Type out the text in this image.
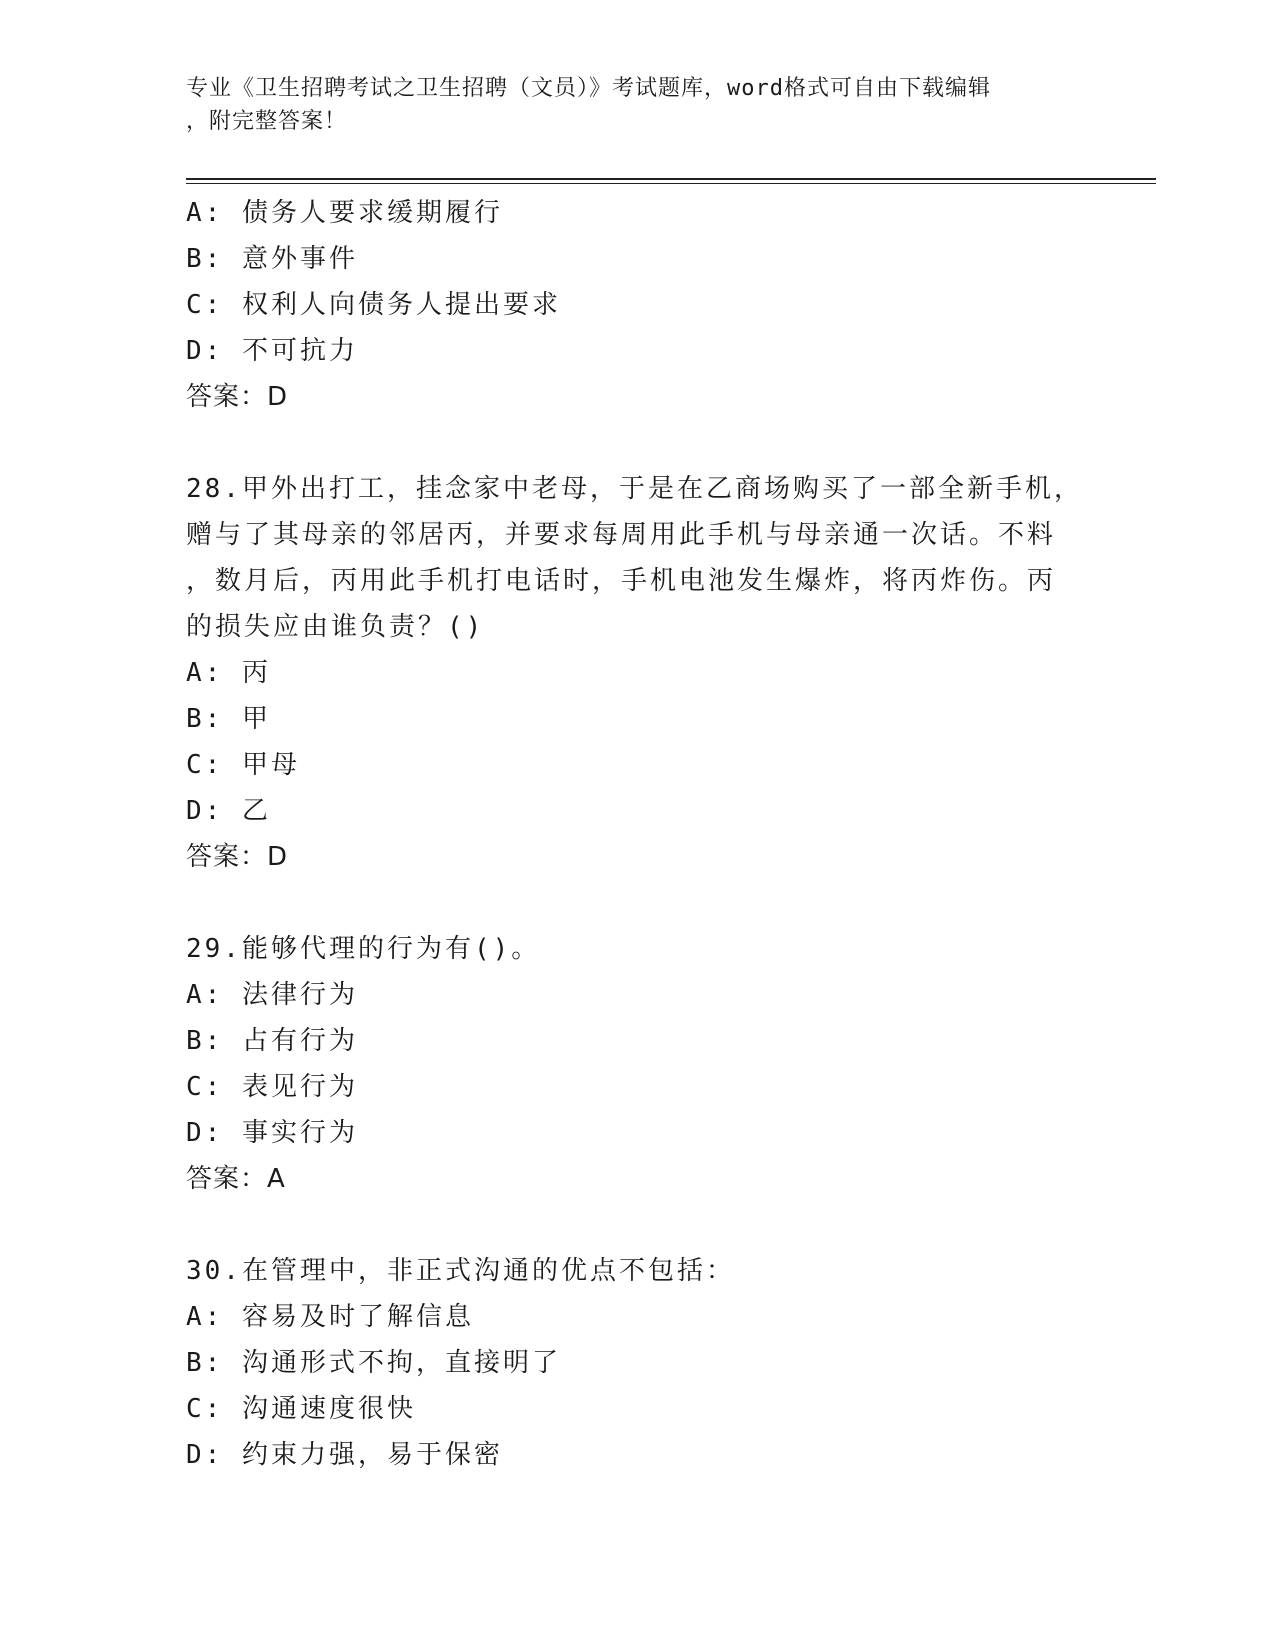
专业《卫生招聘考试之卫生招聘（文员）》考试题库，word格式可自由下载编辑
，附完整答案！
A: 债务人要求缓期履行
B: 意外事件
C: 权利人向债务人提出要求
D: 不可抗力
答案：D
28.甲外出打工，挂念家中老母，于是在乙商场购买了一部全新手机，
赠与了其母亲的邻居丙，并要求每周用此手机与母亲通一次话。不料
，数月后，丙用此手机打电话时，手机电池发生爆炸，将丙炸伤。丙
的损失应由谁负责？()
A: 丙
B: 甲
C: 甲母
D: 乙
答案：D
29.能够代理的行为有()。
A: 法律行为
B: 占有行为
C: 表见行为
D: 事实行为
答案：A
30.在管理中，非正式沟通的优点不包括：
A: 容易及时了解信息
B: 沟通形式不拘，直接明了
C: 沟通速度很快
D: 约束力强，易于保密
